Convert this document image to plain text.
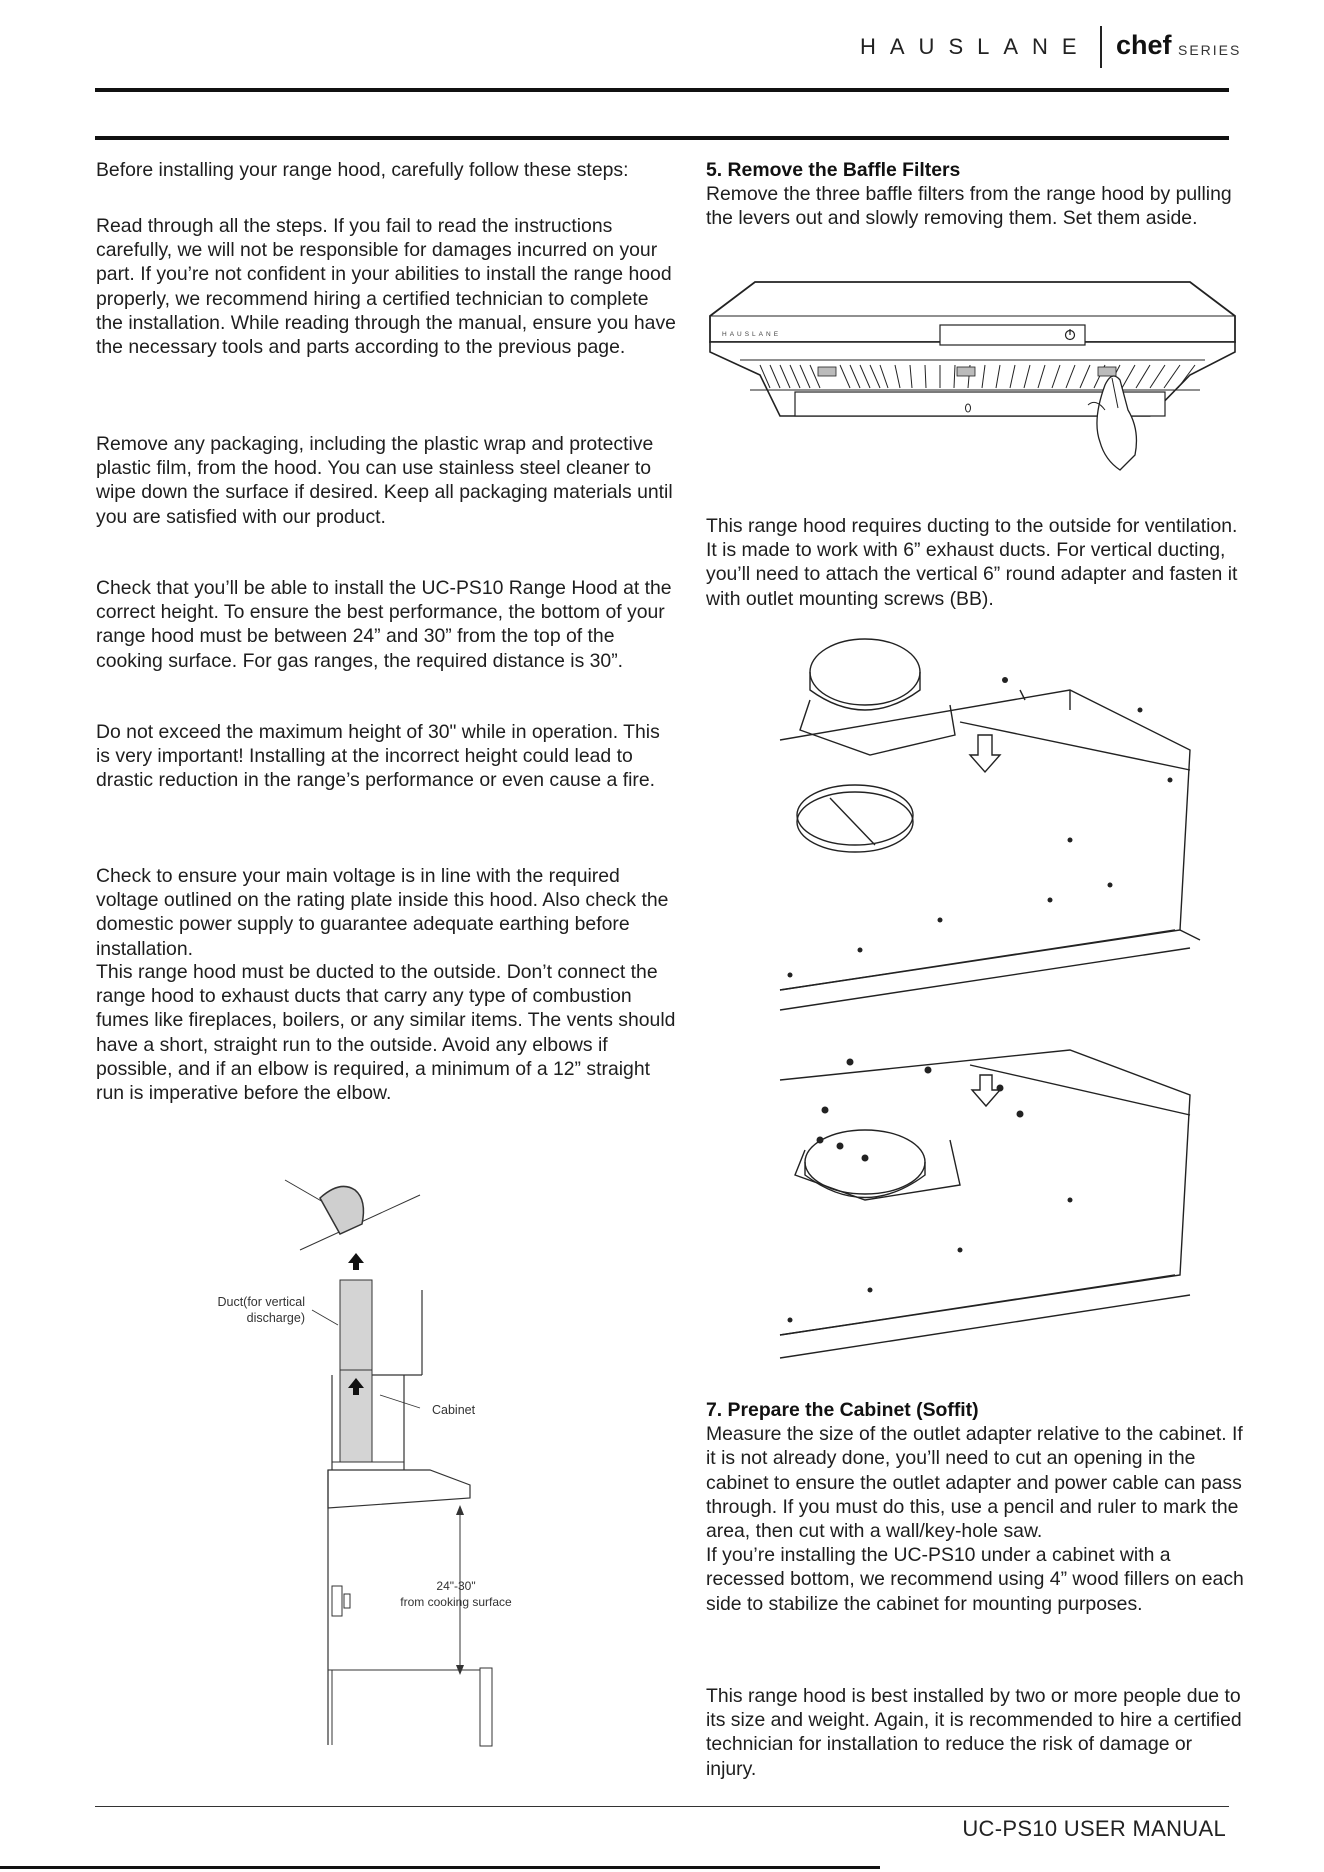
HAUSLANE chef SERIES
Before installing your range hood, carefully follow these steps:
Read through all the steps. If you fail to read the instructions carefully, we will not be responsible for damages incurred on your part. If you’re not confident in your abilities to install the range hood properly, we recommend hiring a certified technician to complete the installation. While reading through the manual, ensure you have the necessary tools and parts according to the previous page.
Remove any packaging, including the plastic wrap and protective plastic film, from the hood. You can use stainless steel cleaner to wipe down the surface if desired. Keep all packaging materials until you are satisfied with our product.
Check that you’ll be able to install the UC-PS10 Range Hood at the correct height. To ensure the best performance, the bottom of your range hood must be between 24” and 30” from the top of the cooking surface. For gas ranges, the required distance is 30”.
Do not exceed the maximum height of 30" while in operation. This is very important! Installing at the incorrect height could lead to drastic reduction in the range’s performance or even cause a fire.
Check to ensure your main voltage is in line with the required voltage outlined on the rating plate inside this hood. Also check the domestic power supply to guarantee adequate earthing before installation.
This range hood must be ducted to the outside. Don’t connect the range hood to exhaust ducts that carry any type of combustion fumes like fireplaces, boilers, or any similar items. The vents should have a short, straight run to the outside. Avoid any elbows if possible, and if an elbow is required, a minimum of a 12” straight run is imperative before the elbow.
Duct(for vertical
discharge)
Cabinet
24"-30"
from cooking surface
5. Remove the Baffle Filters
Remove the three baffle filters from the range hood by pulling the levers out and slowly removing them. Set them aside.
HAUSLANE
This range hood requires ducting to the outside for ventilation. It is made to work with 6” exhaust ducts. For vertical ducting, you’ll need to attach the vertical 6” round adapter and fasten it with outlet mounting screws (BB).
7. Prepare the Cabinet (Soffit)
Measure the size of the outlet adapter relative to the cabinet. If it is not already done, you’ll need to cut an opening in the cabinet to ensure the outlet adapter and power cable can pass through. If you must do this, use a pencil and ruler to mark the area, then cut with a wall/key-hole saw.
If you’re installing the UC-PS10 under a cabinet with a recessed bottom, we recommend using 4” wood fillers on each side to stabilize the cabinet for mounting purposes.
This range hood is best installed by two or more people due to its size and weight. Again, it is recommended to hire a certified technician for installation to reduce the risk of damage or injury.
UC-PS10 USER MANUAL
